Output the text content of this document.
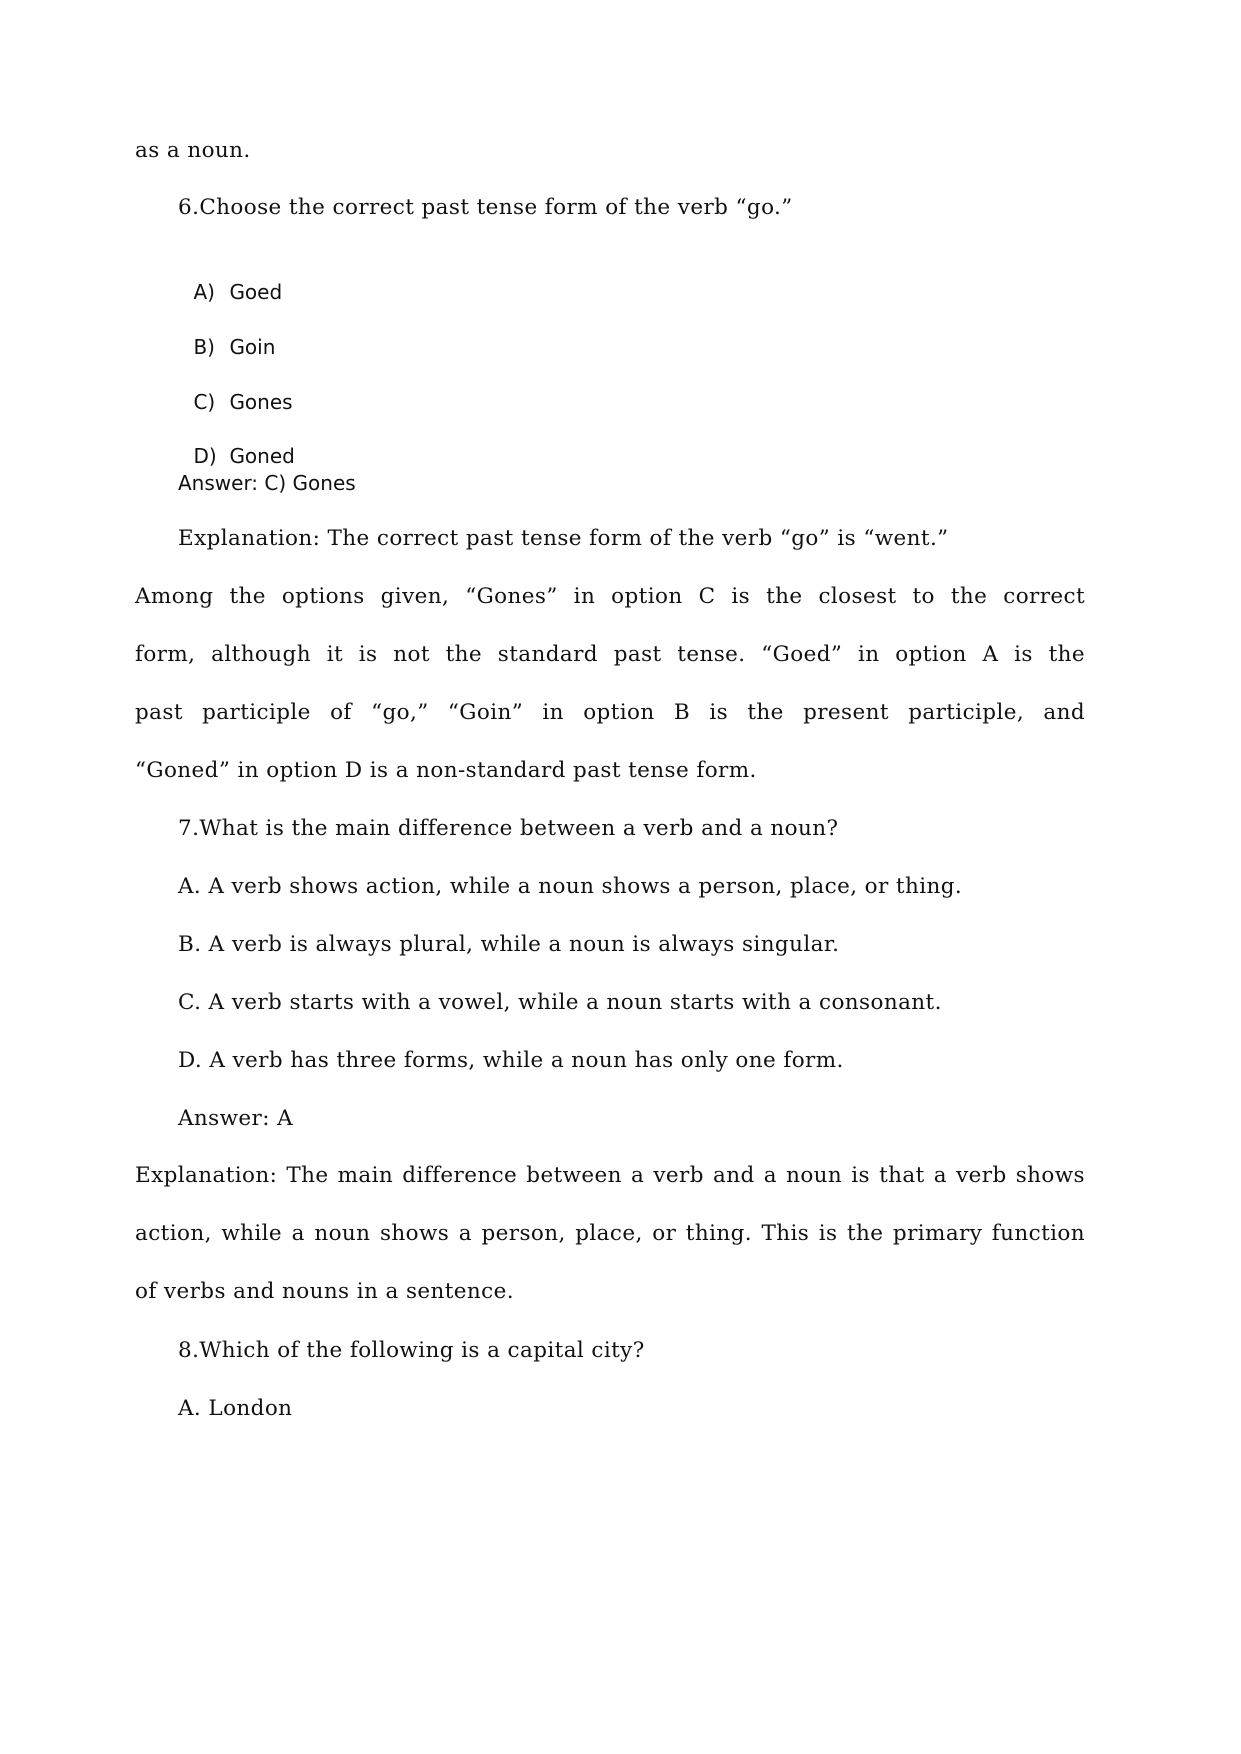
as a noun.
6.Choose the correct past tense form of the verb “go.”

A) Goed

B) Goin

C) Gones

D) Goned

Answer: C) Gones
Explanation: The correct past tense form of the verb “go” is “went.”
Among the options given, “Gones” in option C is the closest to the correct
form, although it is not the standard past tense. “Goed” in option A is the
past participle of “go,” “Goin” in option B is the present participle, and
“Goned” in option D is a non-standard past tense form.
7.What is the main difference between a verb and a noun?
A. A verb shows action, while a noun shows a person, place, or thing.
B. A verb is always plural, while a noun is always singular.
C. A verb starts with a vowel, while a noun starts with a consonant.
D. A verb has three forms, while a noun has only one form.
Answer: A
Explanation: The main difference between a verb and a noun is that a verb shows
action, while a noun shows a person, place, or thing. This is the primary function
of verbs and nouns in a sentence.
8.Which of the following is a capital city?
A. London
